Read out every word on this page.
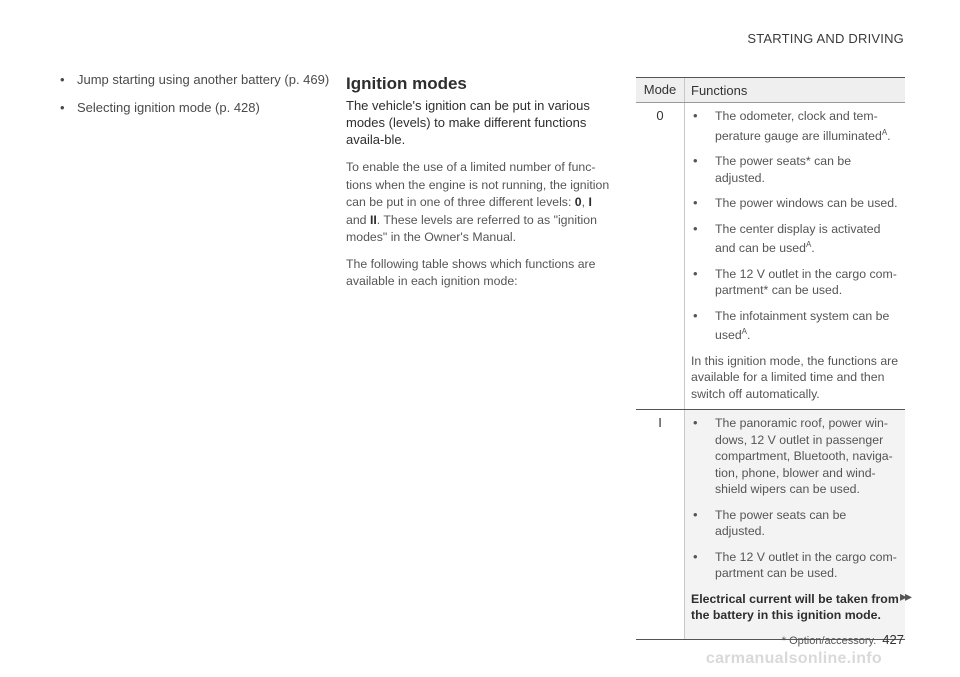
STARTING AND DRIVING
• Jump starting using another battery (p. 469)
• Selecting ignition mode (p. 428)
Ignition modes

The vehicle's ignition can be put in various modes (levels) to make different functions availa-ble.

To enable the use of a limited number of func-tions when the engine is not running, the ignition can be put in one of three different levels: 0, I and II. These levels are referred to as "ignition modes" in the Owner's Manual.

The following table shows which functions are available in each ignition mode:

Mode	Functions
0	•	The odometer, clock and tem-perature gauge are illuminated$^A$.
•	The power seats* can be adjusted.
•	The power windows can be used.
•	The center display is activated and can be used$^A$.
•	The 12 V outlet in the cargo com-partment* can be used.
•	The infotainment system can be used$^A$.

In this ignition mode, the functions are available for a limited time and then switch off automatically.

I	•	The panoramic roof, power win-dows, 12 V outlet in passenger compartment, Bluetooth, naviga-tion, phone, blower and wind-shield wipers can be used.
•	The power seats can be adjusted.
•	The 12 V outlet in the cargo com-partment can be used.

Electrical current will be taken from the battery in this ignition mode.

▸▸
* Option/accessory. 427
carmanualsonline.info
